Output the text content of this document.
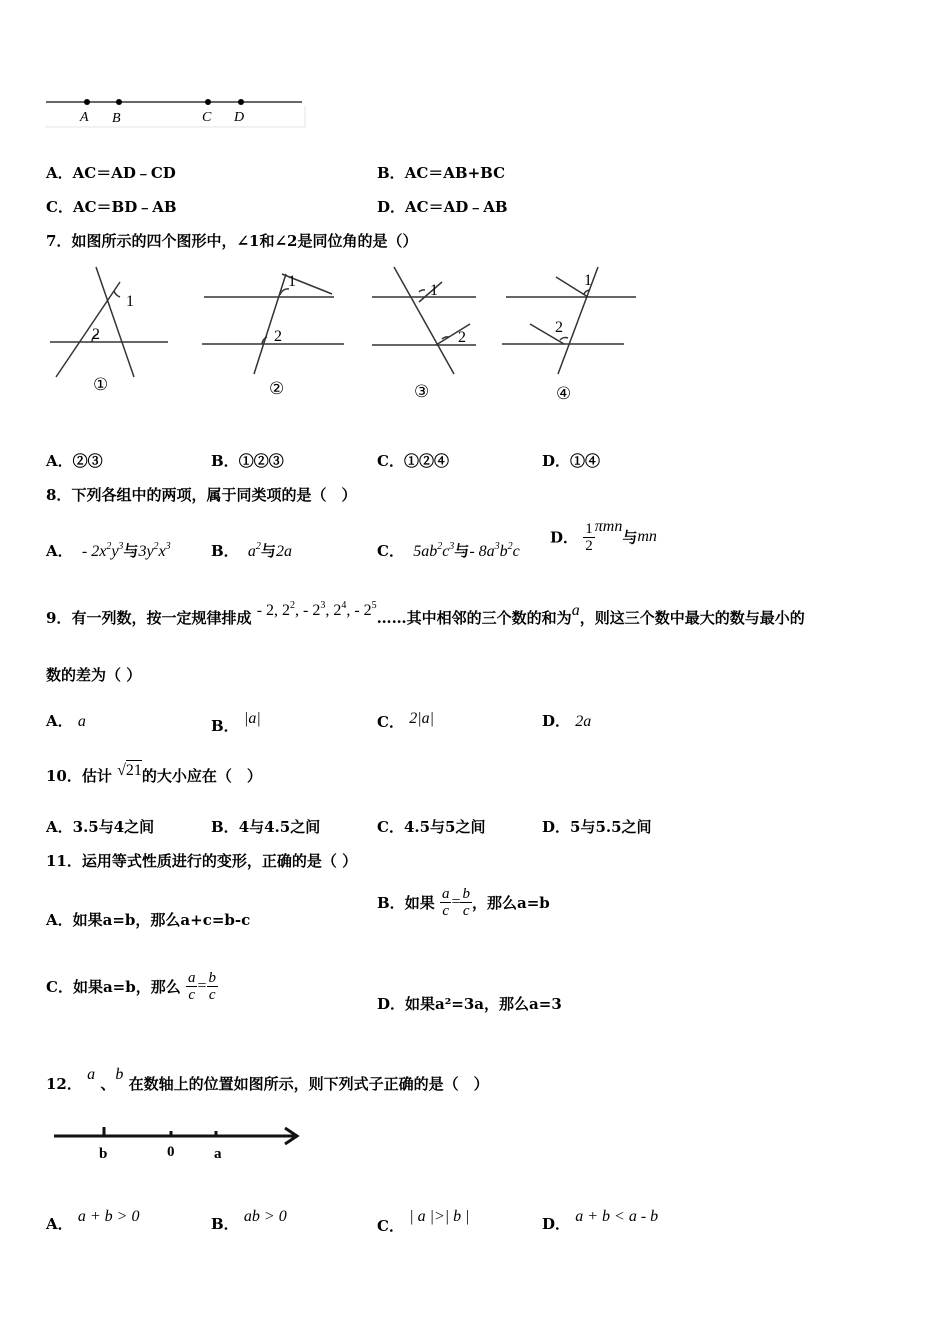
A B	C D
A．AC＝AD﹣CD	B．AC＝AB+BC
C．AC＝BD﹣AB	D．AC＝AD﹣AB
7．如图所示的四个图形中，∠1和∠2是同位角的是（）
1
2
1
2
1
2
1
2
①	②	③	④
A．②③	B．①②③	C．①②④	D．①④
8．下列各组中的两项，属于同类项的是（　）
A．
- $2x^2y^3$与$3y^2x^3$	B．
$a^2$与2a	C．
$5ab^2c^3$与- $8a^3b^2c$
D． $\frac{1}{2}$ πmn与mn
9．有一列数，按一定规律排成 - 2, $2^2$, - $2^3$, $2^4$, - $2^5\dots\dots$其中相邻的三个数的和为a，则这三个数中最大的数与最小的
数的差为（ ）
A． a	B． |a|	C． 2|a|	D． 2a
10．估计 √21的大小应在（　）
A．3.5与4之间	B．4与4.5之间	C．4.5与5之间	D．5与5.5之间
11．运用等式性质进行的变形，正确的是（ ）
A．如果a=b，那么a+c=b-c
B．如果 $\frac{a}{c} = \frac{b}{c}$ ，那么a=b
C．如果a=b，那么 $\frac{a}{c} = \frac{b}{c}$
D．如果a²=3a，那么a=3
12． a 、b 在数轴上的位置如图所示，则下列式子正确的是（　）
b	0	a
A． a + b > 0	B． ab > 0
C． | a |>| b |	D． a + b < a - b
